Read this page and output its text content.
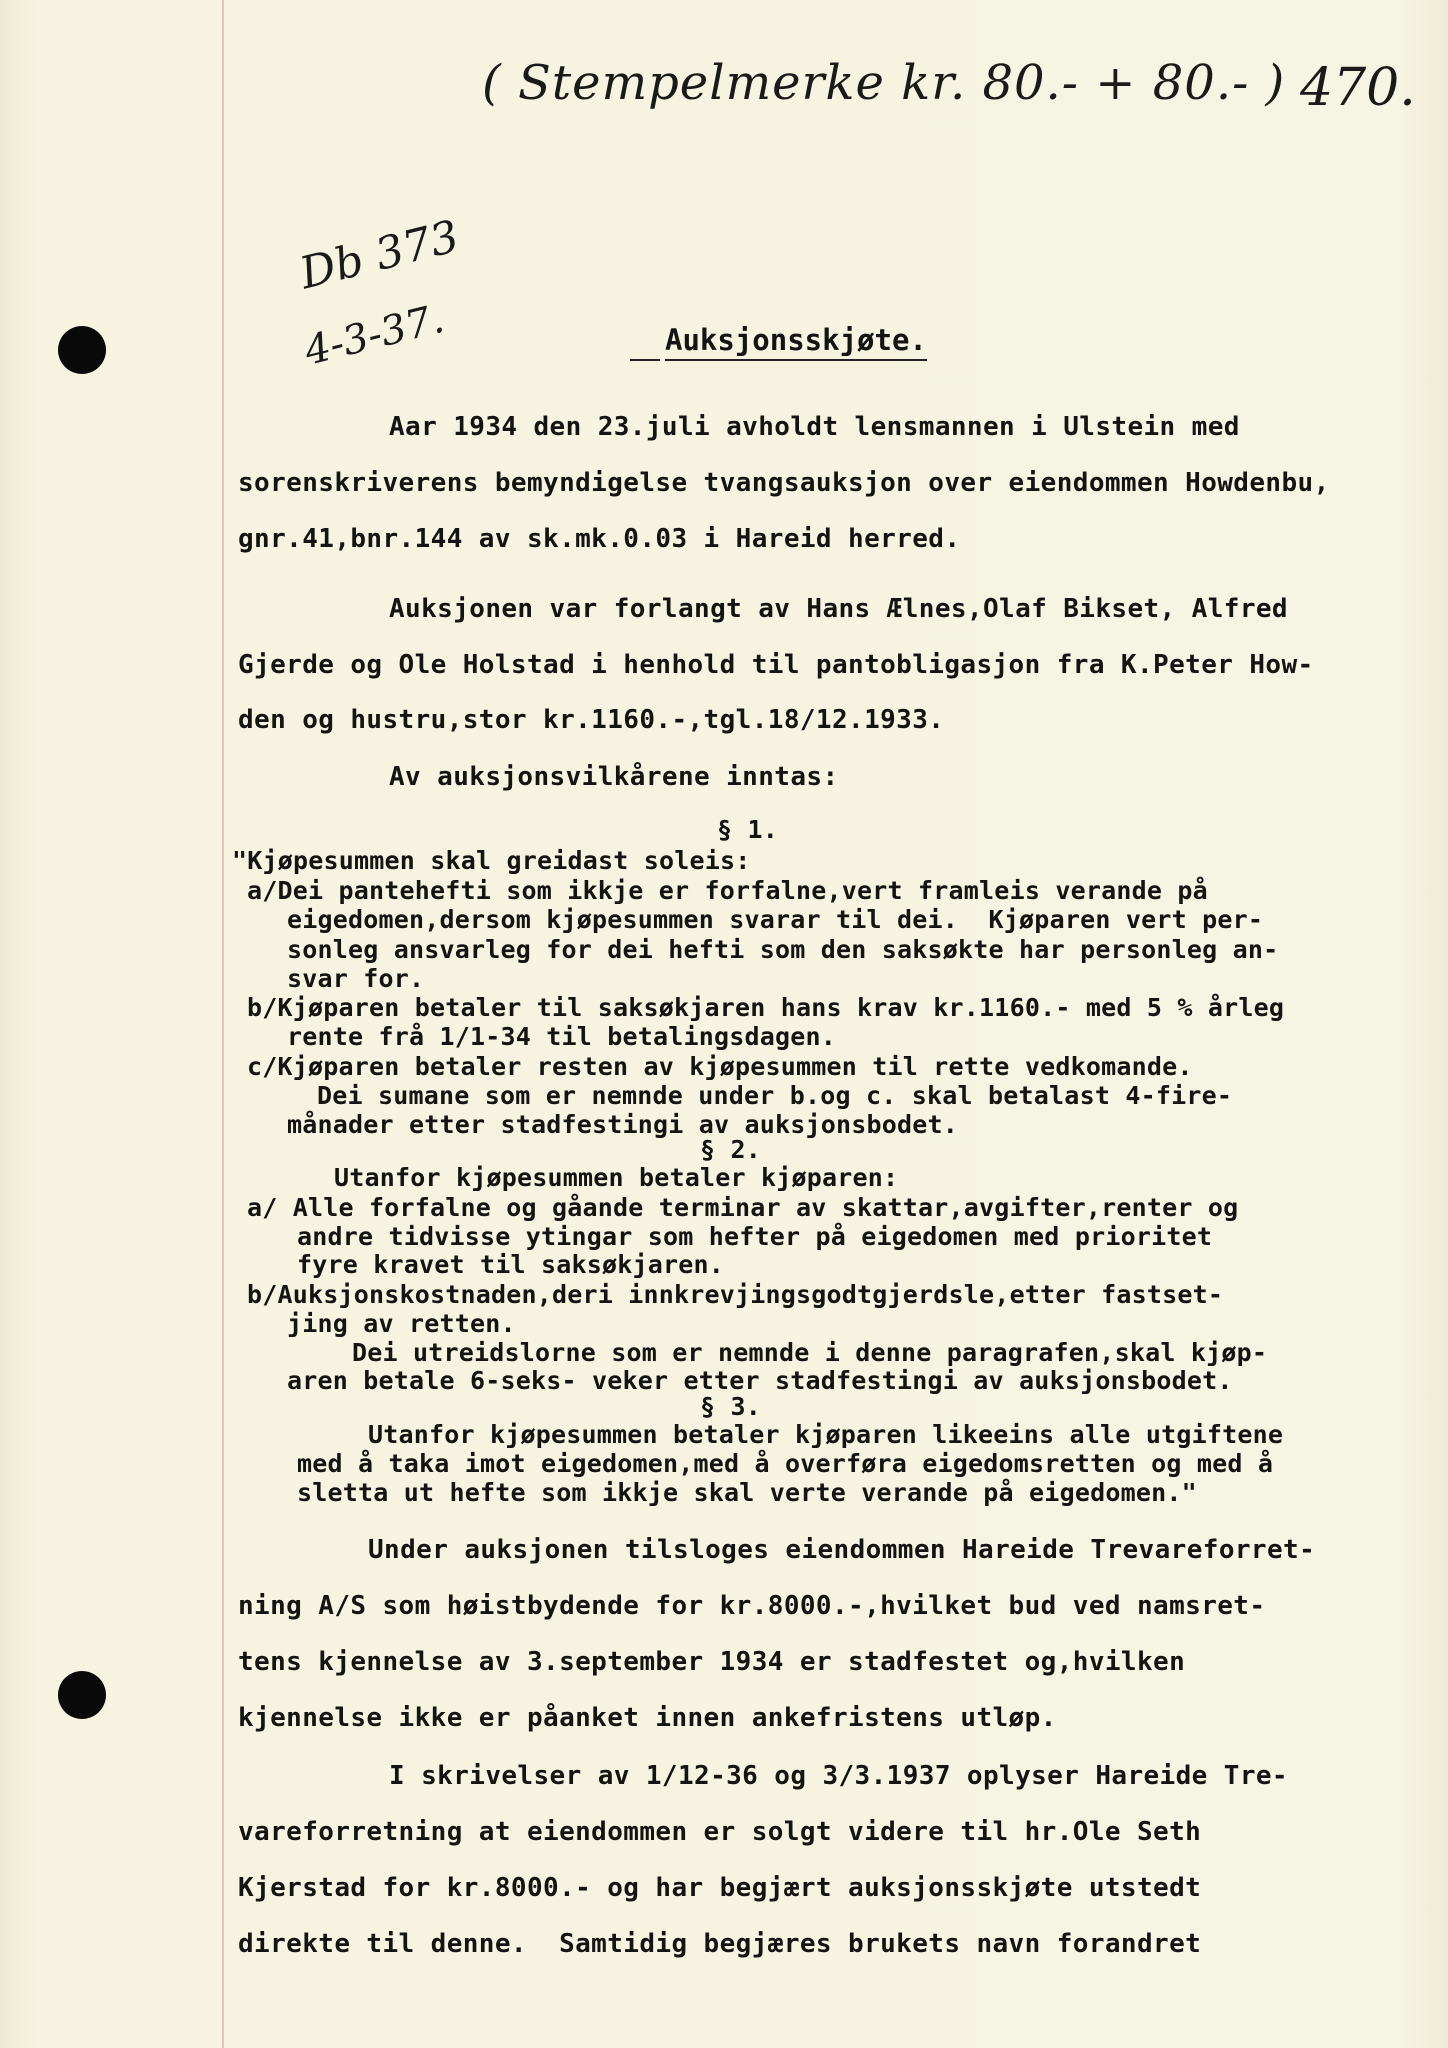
( Stempelmerke kr. 80.- + 80.- ) 470.
Db 373
4-3-37.	Auksjonsskjøte.
Aar 1934 den 23.juli avholdt lensmannen i Ulstein med
sorenskriverens bemyndigelse tvangsauksjon over eiendommen Howdenbu,
gnr.41,bnr.144 av sk.mk.0.03 i Hareid herred.
Auksjonen var forlangt av Hans Ælnes,Olaf Bikset, Alfred
Gjerde og Ole Holstad i henhold til pantobligasjon fra K.Peter How-
den og hustru,stor kr.1160.-,tgl.18/12.1933.
Av auksjonsvilkårene inntas:
§ 1.
"Kjøpesummen skal greidast soleis:
a/Dei pantehefti som ikkje er forfalne,vert framleis verande på
eigedomen,dersom kjøpesummen svarar til dei.  Kjøparen vert per-
sonleg ansvarleg for dei hefti som den saksøkte har personleg an-
svar for.
b/Kjøparen betaler til saksøkjaren hans krav kr.1160.- med 5 % årleg
rente frå 1/1-34 til betalingsdagen.
c/Kjøparen betaler resten av kjøpesummen til rette vedkomande.
Dei sumane som er nemnde under b.og c. skal betalast 4-fire-
månader etter stadfestingi av auksjonsbodet.
§ 2.
Utanfor kjøpesummen betaler kjøparen:
a/ Alle forfalne og gåande terminar av skattar,avgifter,renter og
andre tidvisse ytingar som hefter på eigedomen med prioritet
fyre kravet til saksøkjaren.
b/Auksjonskostnaden,deri innkrevjingsgodtgjerdsle,etter fastset-
jing av retten.
Dei utreidslorne som er nemnde i denne paragrafen,skal kjøp-
aren betale 6-seks- veker etter stadfestingi av auksjonsbodet.
§ 3.
Utanfor kjøpesummen betaler kjøparen likeeins alle utgiftene
med å taka imot eigedomen,med å overføra eigedomsretten og med å
sletta ut hefte som ikkje skal verte verande på eigedomen."
Under auksjonen tilsloges eiendommen Hareide Trevareforret-
ning A/S som høistbydende for kr.8000.-,hvilket bud ved namsret-
tens kjennelse av 3.september 1934 er stadfestet og,hvilken
kjennelse ikke er påanket innen ankefristens utløp.
I skrivelser av 1/12-36 og 3/3.1937 oplyser Hareide Tre-
vareforretning at eiendommen er solgt videre til hr.Ole Seth
Kjerstad for kr.8000.- og har begjært auksjonsskjøte utstedt
direkte til denne.  Samtidig begjæres brukets navn forandret
